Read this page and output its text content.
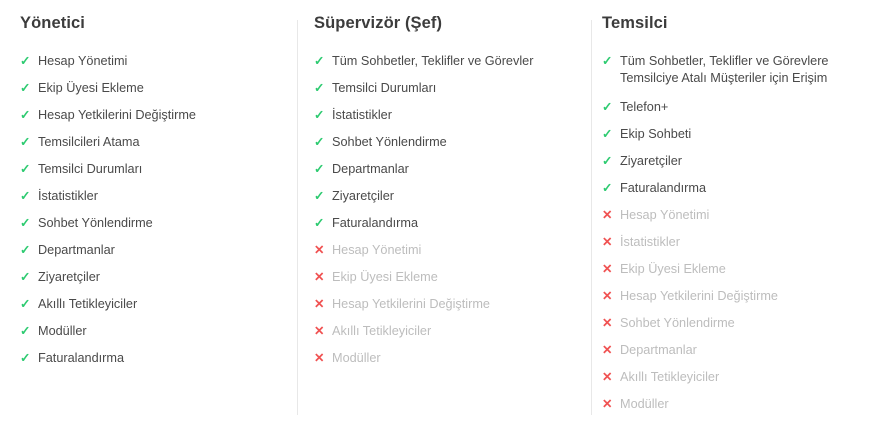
Yönetici
✓ Hesap Yönetimi
✓ Ekip Üyesi Ekleme
✓ Hesap Yetkilerini Değiştirme
✓ Temsilcileri Atama
✓ Temsilci Durumları
✓ İstatistikler
✓ Sohbet Yönlendirme
✓ Departmanlar
✓ Ziyaretçiler
✓ Akıllı Tetikleyiciler
✓ Modüller
✓ Faturalandırma
Süpervizör (Şef)
✓ Tüm Sohbetler, Teklifler ve Görevler
✓ Temsilci Durumları
✓ İstatistikler
✓ Sohbet Yönlendirme
✓ Departmanlar
✓ Ziyaretçiler
✓ Faturalandırma
✕ Hesap Yönetimi
✕ Ekip Üyesi Ekleme
✕ Hesap Yetkilerini Değiştirme
✕ Akıllı Tetikleyiciler
✕ Modüller
Temsilci
✓ Tüm Sohbetler, Teklifler ve Görevlere Temsilciye Atalı Müşteriler için Erişim
✓ Telefon+
✓ Ekip Sohbeti
✓ Ziyaretçiler
✓ Faturalandırma
✕ Hesap Yönetimi
✕ İstatistikler
✕ Ekip Üyesi Ekleme
✕ Hesap Yetkilerini Değiştirme
✕ Sohbet Yönlendirme
✕ Departmanlar
✕ Akıllı Tetikleyiciler
✕ Modüller
